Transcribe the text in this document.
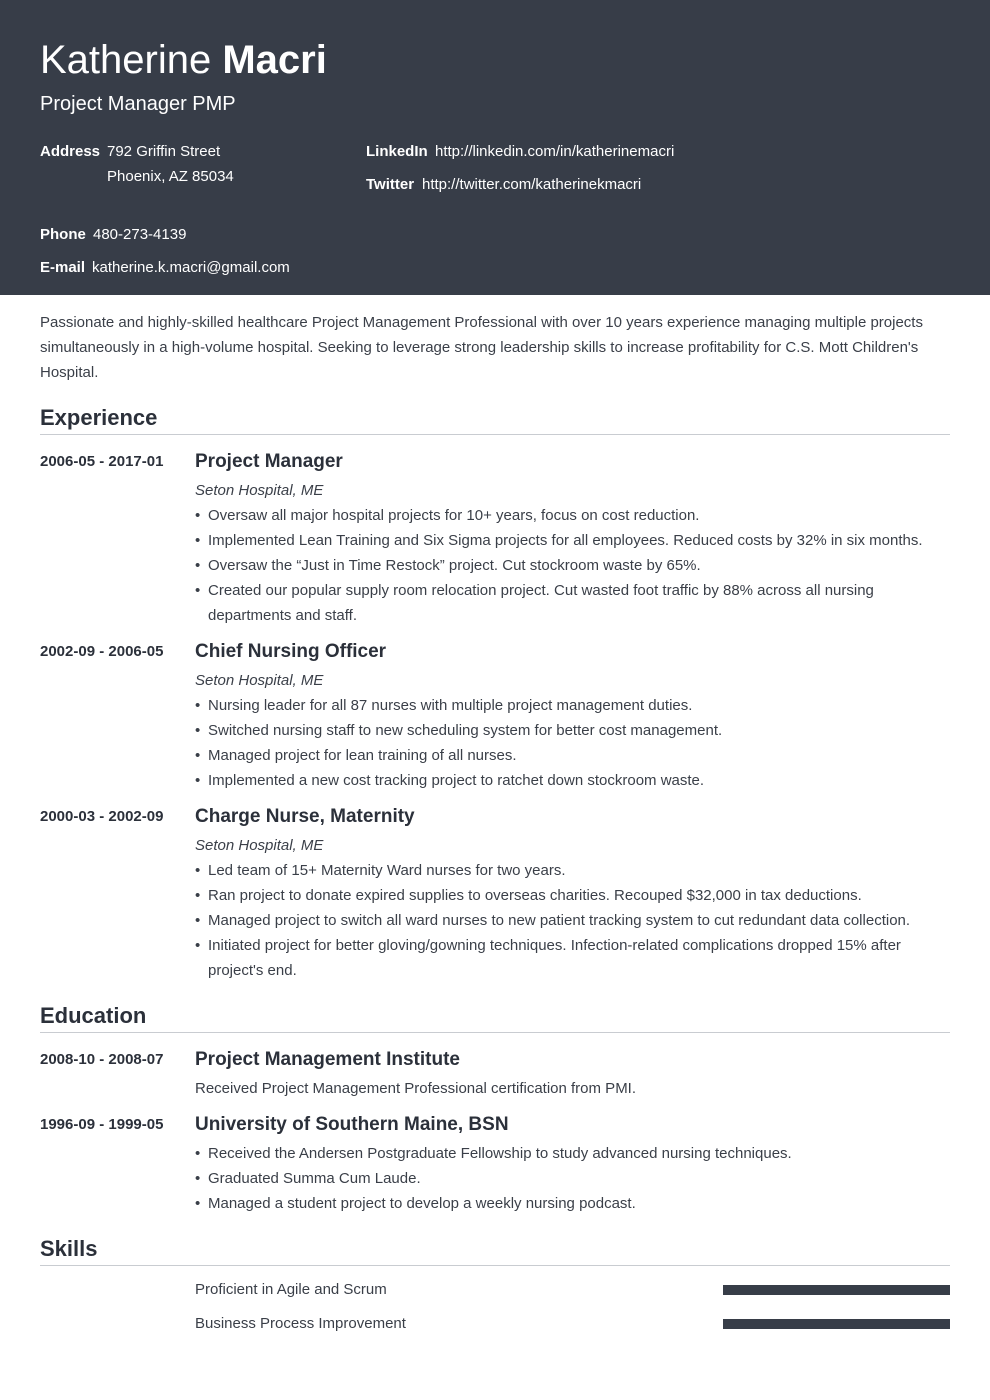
Katherine Macri
Project Manager PMP
Address 792 Griffin Street
Phoenix, AZ 85034
LinkedIn http://linkedin.com/in/katherinemacri
Twitter http://twitter.com/katherinekmacri
Phone 480-273-4139
E-mail katherine.k.macri@gmail.com
Passionate and highly-skilled healthcare Project Management Professional with over 10 years experience managing multiple projects simultaneously in a high-volume hospital. Seeking to leverage strong leadership skills to increase profitability for C.S. Mott Children's Hospital.
Experience
2006-05 - 2017-01 Project Manager
Seton Hospital, ME
• Oversaw all major hospital projects for 10+ years, focus on cost reduction.
• Implemented Lean Training and Six Sigma projects for all employees. Reduced costs by 32% in six months.
• Oversaw the “Just in Time Restock” project. Cut stockroom waste by 65%.
• Created our popular supply room relocation project. Cut wasted foot traffic by 88% across all nursing departments and staff.
2002-09 - 2006-05 Chief Nursing Officer
Seton Hospital, ME
• Nursing leader for all 87 nurses with multiple project management duties.
• Switched nursing staff to new scheduling system for better cost management.
• Managed project for lean training of all nurses.
• Implemented a new cost tracking project to ratchet down stockroom waste.
2000-03 - 2002-09 Charge Nurse, Maternity
Seton Hospital, ME
• Led team of 15+ Maternity Ward nurses for two years.
• Ran project to donate expired supplies to overseas charities. Recouped $32,000 in tax deductions.
• Managed project to switch all ward nurses to new patient tracking system to cut redundant data collection.
• Initiated project for better gloving/gowning techniques. Infection-related complications dropped 15% after project's end.
Education
2008-10 - 2008-07 Project Management Institute
Received Project Management Professional certification from PMI.
1996-09 - 1999-05 University of Southern Maine, BSN
• Received the Andersen Postgraduate Fellowship to study advanced nursing techniques.
• Graduated Summa Cum Laude.
• Managed a student project to develop a weekly nursing podcast.
Skills
Proficient in Agile and Scrum
Business Process Improvement
